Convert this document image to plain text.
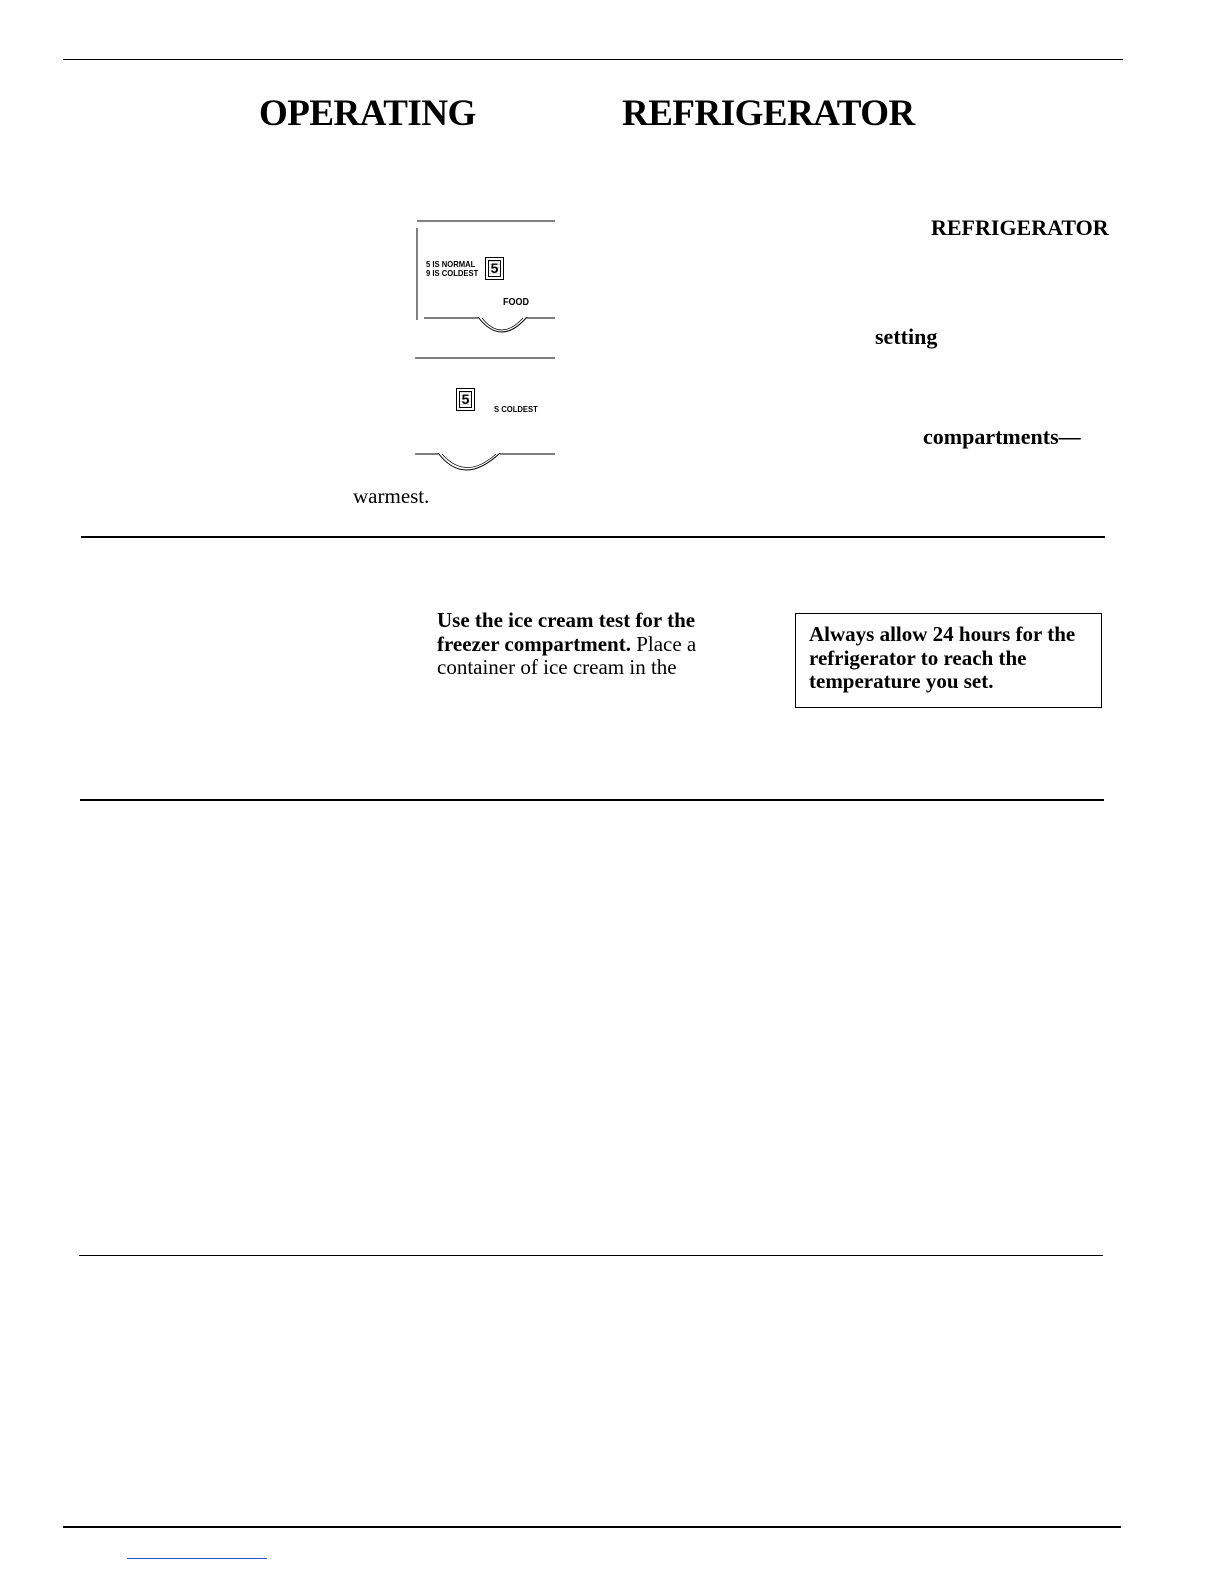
OPERATING	REFRIGERATOR
5 IS NORMAL
9 IS COLDEST 5
FOOD
5
S COLDEST
REFRIGERATOR
setting
compartments—
warmest.
Use the ice cream test for the freezer compartment. Place a container of ice cream in the
Always allow 24 hours for the refrigerator to reach the temperature you set.
